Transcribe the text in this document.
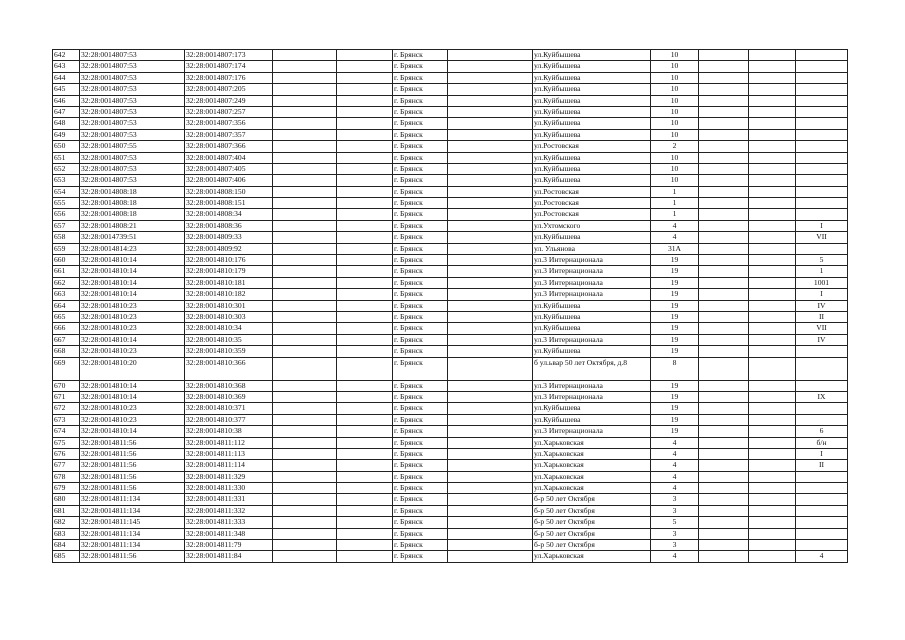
642	32:28:0014807:53	32:28:0014807:173			г. Брянск		ул.Куйбышева	10			
643	32:28:0014807:53	32:28:0014807:174			г. Брянск		ул.Куйбышева	10			
644	32:28:0014807:53	32:28:0014807:176			г. Брянск		ул.Куйбышева	10			
645	32:28:0014807:53	32:28:0014807:205			г. Брянск		ул.Куйбышева	10			
646	32:28:0014807:53	32:28:0014807:249			г. Брянск		ул.Куйбышева	10			
647	32:28:0014807:53	32:28:0014807:257			г. Брянск		ул.Куйбышева	10			
648	32:28:0014807:53	32:28:0014807:356			г. Брянск		ул.Куйбышева	10			
649	32:28:0014807:53	32:28:0014807:357			г. Брянск		ул.Куйбышева	10			
650	32:28:0014807:55	32:28:0014807:366			г. Брянск		ул.Ростовская	2			
651	32:28:0014807:53	32:28:0014807:404			г. Брянск		ул.Куйбышева	10			
652	32:28:0014807:53	32:28:0014807:405			г. Брянск		ул.Куйбышева	10			
653	32:28:0014807:53	32:28:0014807:406			г. Брянск		ул.Куйбышева	10			
654	32:28:0014808:18	32:28:0014808:150			г. Брянск		ул.Ростовская	1			
655	32:28:0014808:18	32:28:0014808:151			г. Брянск		ул.Ростовская	1			
656	32:28:0014808:18	32:28:0014808:34			г. Брянск		ул.Ростовская	1			
657	32:28:0014808:21	32:28:0014808:36			г. Брянск		ул.Ухтомского	4			I
658	32:28:0014739:51	32:28:0014809:33			г. Брянск		ул.Куйбышева	4			VII
659	32:28:0014814:23	32:28:0014809:92			г. Брянск		ул. Ульянова	31А			
660	32:28:0014810:14	32:28:0014810:176			г. Брянск		ул.3 Интернационала	19			5
661	32:28:0014810:14	32:28:0014810:179			г. Брянск		ул.3 Интернационала	19			1
662	32:28:0014810:14	32:28:0014810:181			г. Брянск		ул.3 Интернационала	19			1001
663	32:28:0014810:14	32:28:0014810:182			г. Брянск		ул.3 Интернационала	19			I
664	32:28:0014810:23	32:28:0014810:301			г. Брянск		ул.Куйбышева	19			IV
665	32:28:0014810:23	32:28:0014810:303			г. Брянск		ул.Куйбышева	19			II
666	32:28:0014810:23	32:28:0014810:34			г. Брянск		ул.Куйбышева	19			VII
667	32:28:0014810:14	32:28:0014810:35			г. Брянск		ул.3 Интернационала	19			IV
668	32:28:0014810:23	32:28:0014810:359			г. Брянск		ул.Куйбышева	19			
669	32:28:0014810:20	32:28:0014810:366			г. Брянск		б ул.ьвар 50 лет Октября, д.8	8			
670	32:28:0014810:14	32:28:0014810:368			г. Брянск		ул.3 Интернационала	19			
671	32:28:0014810:14	32:28:0014810:369			г. Брянск		ул.3 Интернационала	19			IX
672	32:28:0014810:23	32:28:0014810:371			г. Брянск		ул.Куйбышева	19			
673	32:28:0014810:23	32:28:0014810:377			г. Брянск		ул.Куйбышева	19			
674	32:28:0014810:14	32:28:0014810:38			г. Брянск		ул.3 Интернационала	19			6
675	32:28:0014811:56	32:28:0014811:112			г. Брянск		ул.Харьковская	4			б/н
676	32:28:0014811:56	32:28:0014811:113			г. Брянск		ул.Харьковская	4			I
677	32:28:0014811:56	32:28:0014811:114			г. Брянск		ул.Харьковская	4			II
678	32:28:0014811:56	32:28:0014811:329			г. Брянск		ул.Харьковская	4			
679	32:28:0014811:56	32:28:0014811:330			г. Брянск		ул.Харьковская	4			
680	32:28:0014811:134	32:28:0014811:331			г. Брянск		б-р 50 лет Октября	3			
681	32:28:0014811:134	32:28:0014811:332			г. Брянск		б-р 50 лет Октября	3			
682	32:28:0014811:145	32:28:0014811:333			г. Брянск		б-р 50 лет Октября	5			
683	32:28:0014811:134	32:28:0014811:348			г. Брянск		б-р 50 лет Октября	3			
684	32:28:0014811:134	32:28:0014811:79			г. Брянск		б-р 50 лет Октября	3			
685	32:28:0014811:56	32:28:0014811:84			г. Брянск		ул.Харьковская	4			4
